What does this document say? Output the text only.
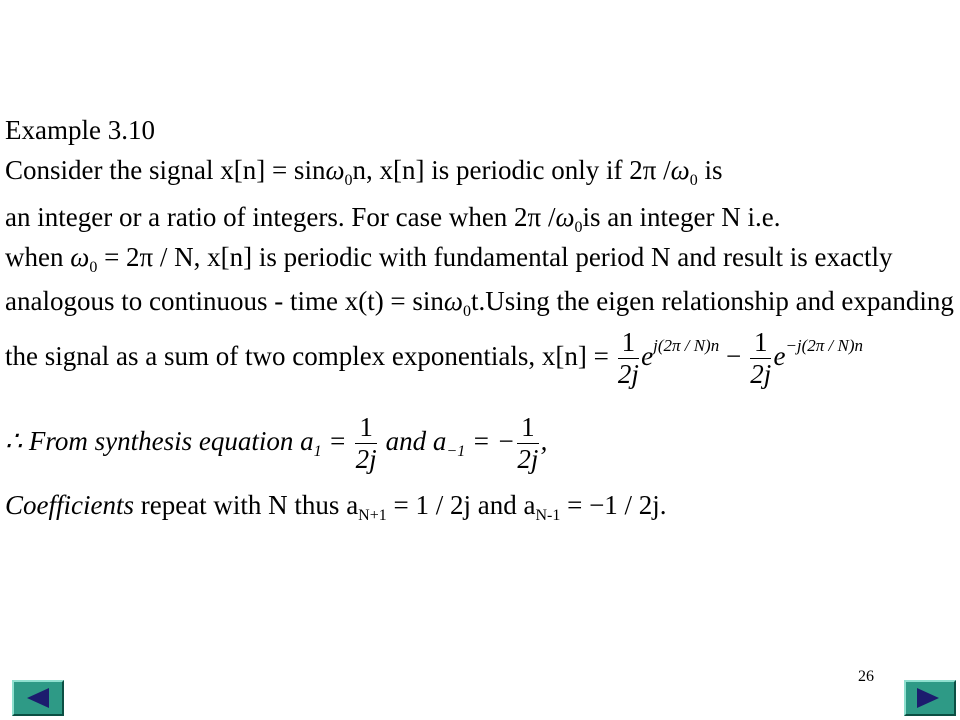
Example 3.10
Consider the signal x[n] = sinω$_0$n, x[n] is periodic only if 2π $/\omega_0$ is
an integer or a ratio of integers. For case when 2π $/\omega_0is$ an integer N i.e.
when $\omega_0 = 2\pi / N$, x[n] is periodic with fundamental period N and result is exactly
analogous to continuous - time x(t) = sinω$_0$t.Using the eigen relationship and expanding
the signal as a sum of two complex exponentials, $x[n] = \frac{1}{2j} e^{j(2\pi / N)n} - \frac{1}{2j} e^{-j(2\pi / N)n}$
∴ From synthesis equation $a_1 = \frac{1}{2j}$ and $a_{-1}$ = − $\frac{1}{2j}$ ,
Coefficients repeat with N thus $a_{N+1} = 1 / 2j$ and $a_{N-1} = -1 / 2j$.
26
